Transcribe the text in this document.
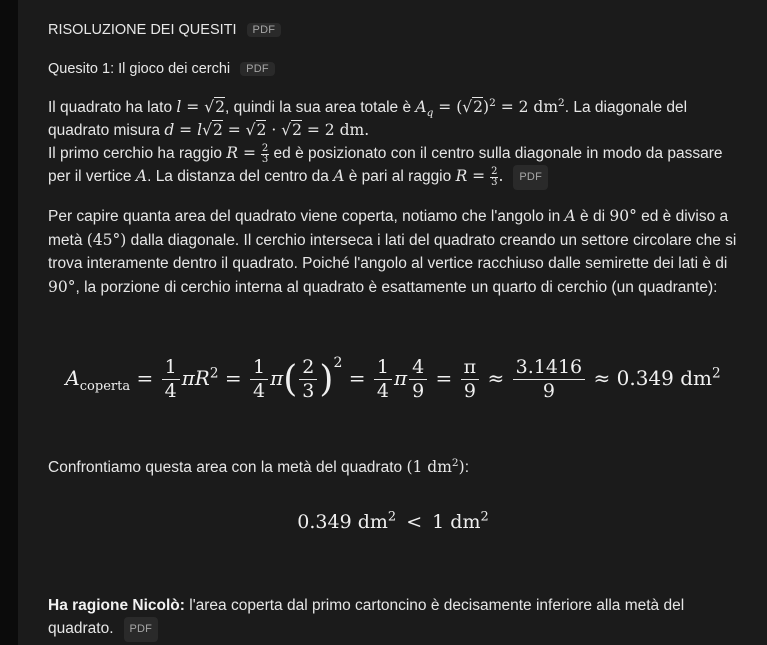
RISOLUZIONE DEI QUESITI PDF
Quesito 1: Il gioco dei cerchi PDF
Il quadrato ha lato l = √2, quindi la sua area totale è $A_q = (√2)^2 = 2$ $dm^2$. La diagonale del quadrato misura d = l√2 = √2 · √2 = 2 dm.
Il primo cerchio ha raggio $R = \frac{2}{3}$ ed è posizionato con il centro sulla diagonale in modo da passare per il vertice A. La distanza del centro da A è pari al raggio $R = \frac{2}{3}$ . PDF
Per capire quanta area del quadrato viene coperta, notiamo che l'angolo in A è di 90° ed è diviso a metà (45°) dalla diagonale. Il cerchio interseca i lati del quadrato creando un settore circolare che si trova interamente dentro il quadrato. Poiché l'angolo al vertice racchiuso dalle semirette dei lati è di 90°, la porzione di cerchio interna al quadrato è esattamente un quarto di cerchio (un quadrante):
$A_{coperta} = \frac{1}{4} \pi R^2 = \frac{1}{4} \pi( \frac{2}{3} )^2 = \frac{1}{4}$ π $\frac{4}{9} = \frac{\pi}{9} \approx \frac{3.1416}{9} \approx 0.349$ $dm^2$
Confrontiamo questa area con la metà del quadrato (1 $dm^2$):
0.349 $dm^2 < 1$ $dm^2$
Ha ragione Nicolò: l'area coperta dal primo cartoncino è decisamente inferiore alla metà del quadrato. PDF
